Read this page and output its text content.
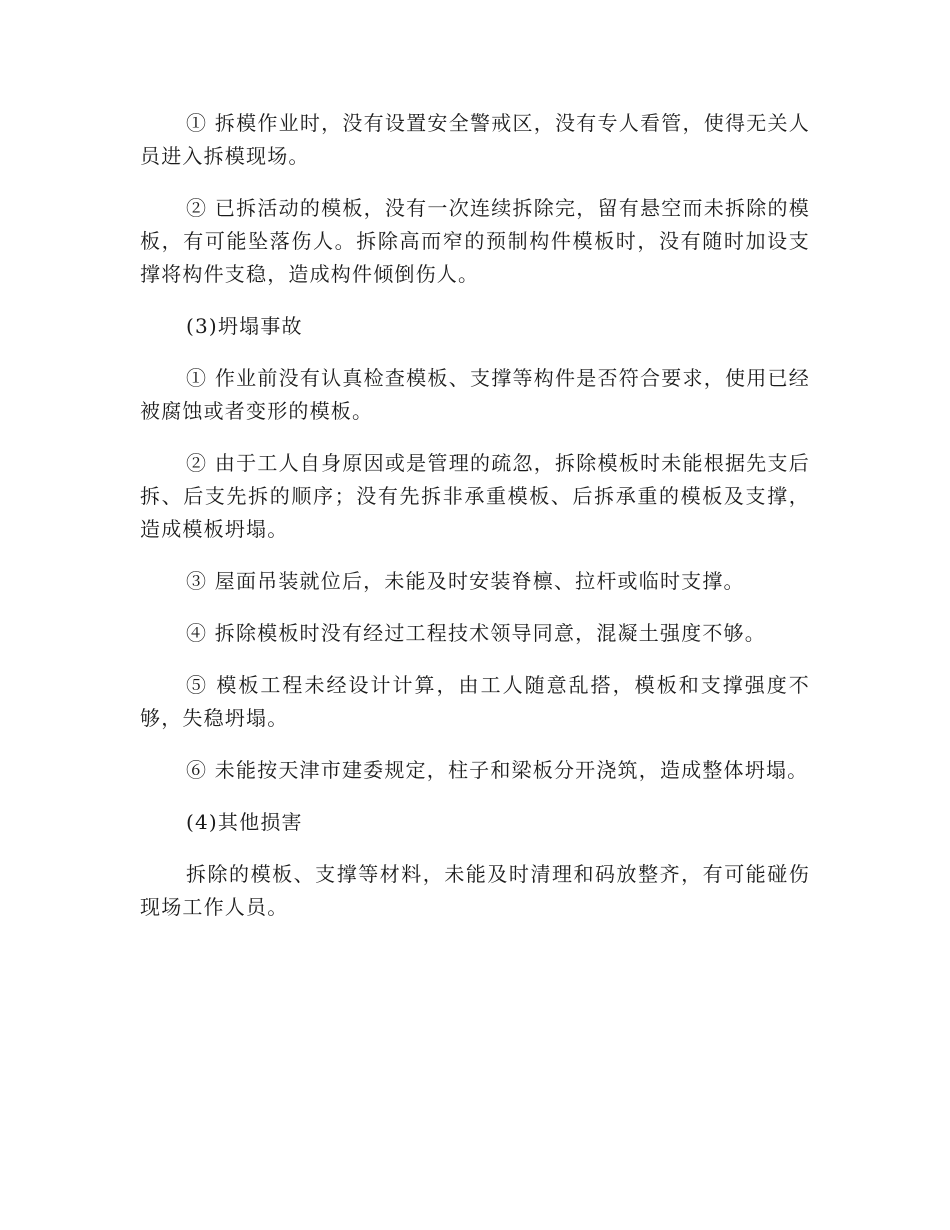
① 拆模作业时，没有设置安全警戒区，没有专人看管，使得无关人员进入拆模现场。

② 已拆活动的模板，没有一次连续拆除完，留有悬空而未拆除的模板，有可能坠落伤人。拆除高而窄的预制构件模板时，没有随时加设支撑将构件支稳，造成构件倾倒伤人。

(3)坍塌事故

① 作业前没有认真检查模板、支撑等构件是否符合要求，使用已经被腐蚀或者变形的模板。

② 由于工人自身原因或是管理的疏忽，拆除模板时未能根据先支后拆、后支先拆的顺序；没有先拆非承重模板、后拆承重的模板及支撑，造成模板坍塌。

③ 屋面吊装就位后，未能及时安装脊檩、拉杆或临时支撑。

④ 拆除模板时没有经过工程技术领导同意，混凝土强度不够。

⑤ 模板工程未经设计计算，由工人随意乱搭，模板和支撑强度不够，失稳坍塌。

⑥ 未能按天津市建委规定，柱子和梁板分开浇筑，造成整体坍塌。

(4)其他损害

拆除的模板、支撑等材料，未能及时清理和码放整齐，有可能碰伤现场工作人员。
